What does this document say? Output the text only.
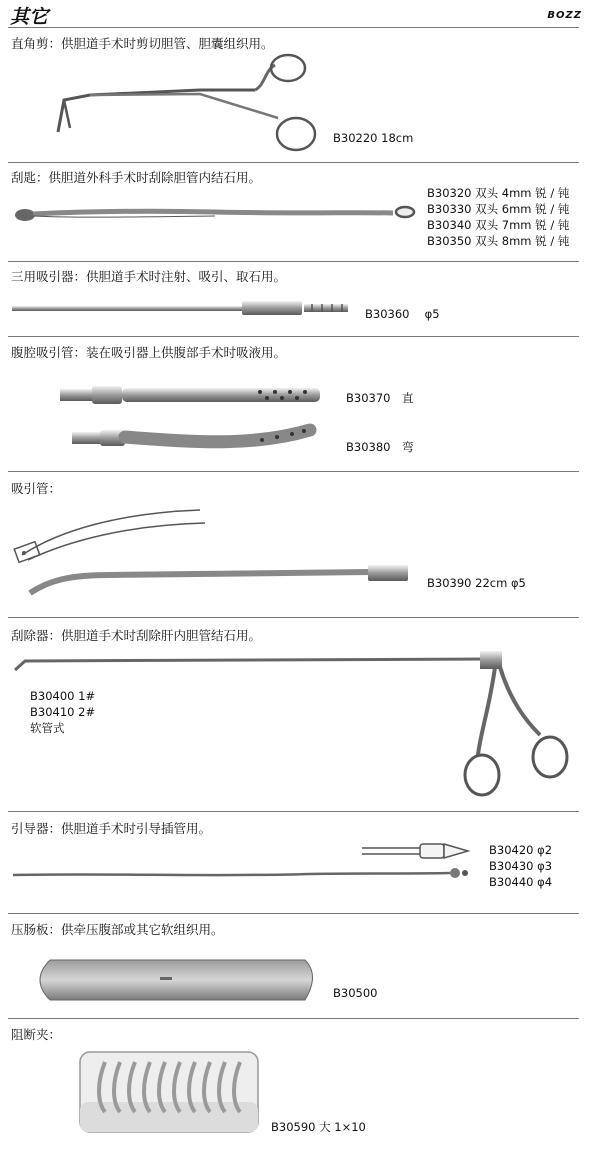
其它	BOZZ
直角剪：供胆道手术时剪切胆管、胆囊组织用。
B30220 18cm
刮匙：供胆道外科手术时刮除胆管内结石用。
B30320 双头 4mm 锐 / 钝
B30330 双头 6mm 锐 / 钝
B30340 双头 7mm 锐 / 钝
B30350 双头 8mm 锐 / 钝
三用吸引器：供胆道手术时注射、吸引、取石用。
B30360　 φ5
腹腔吸引管：装在吸引器上供腹部手术时吸液用。
B30370　直
B30380　弯
吸引管：
B30390 22cm φ5
刮除器：供胆道手术时刮除肝内胆管结石用。
B30400 1#
B30410 2#
软管式
引导器：供胆道手术时引导插管用。
B30420 φ2
B30430 φ3
B30440 φ4
压肠板：供牵压腹部或其它软组织用。
B30500
阻断夹：
B30590 大 1×10
